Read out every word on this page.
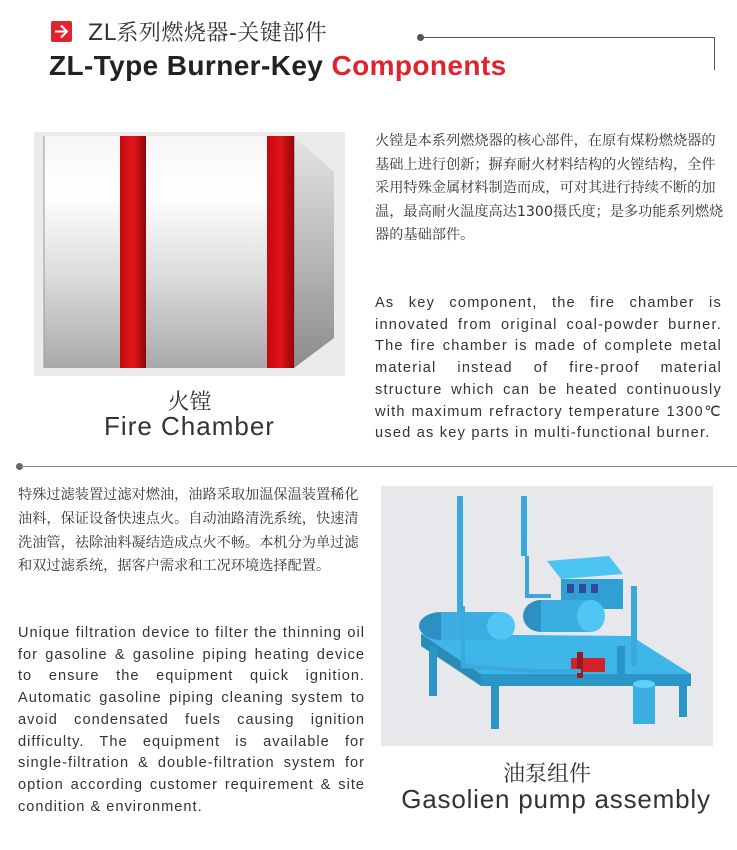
ZL系列燃烧器-关键部件
ZL-Type Burner-Key Components
火镗
Fire Chamber
火镗是本系列燃烧器的核心部件，在原有煤粉燃烧器的基础上进行创新；摒弃耐火材料结构的火镗结构，全件采用特殊金属材料制造而成，可对其进行持续不断的加温，最高耐火温度高达1300摄氏度；是多功能系列燃烧器的基础部件。
As key component, the fire chamber is innovated from original coal-powder burner. The fire chamber is made of complete metal material instead of fire-proof material structure which can be heated continuously with maximum refractory temperature 1300℃ used as key parts in multi-functional burner.
特殊过滤装置过滤对燃油，油路采取加温保温装置稀化油料，保证设备快速点火。自动油路清洗系统，快速清洗油管，祛除油料凝结造成点火不畅。本机分为单过滤和双过滤系统，据客户需求和工况环境选择配置。
Unique filtration device to filter the thinning oil for gasoline & gasoline piping heating device to ensure the equipment quick ignition. Automatic gasoline piping cleaning system to avoid condensated fuels causing ignition difficulty. The equipment is available for single-filtration & double-filtration system for option according customer requirement & site condition & environment.
油泵组件
Gasolien pump assembly
